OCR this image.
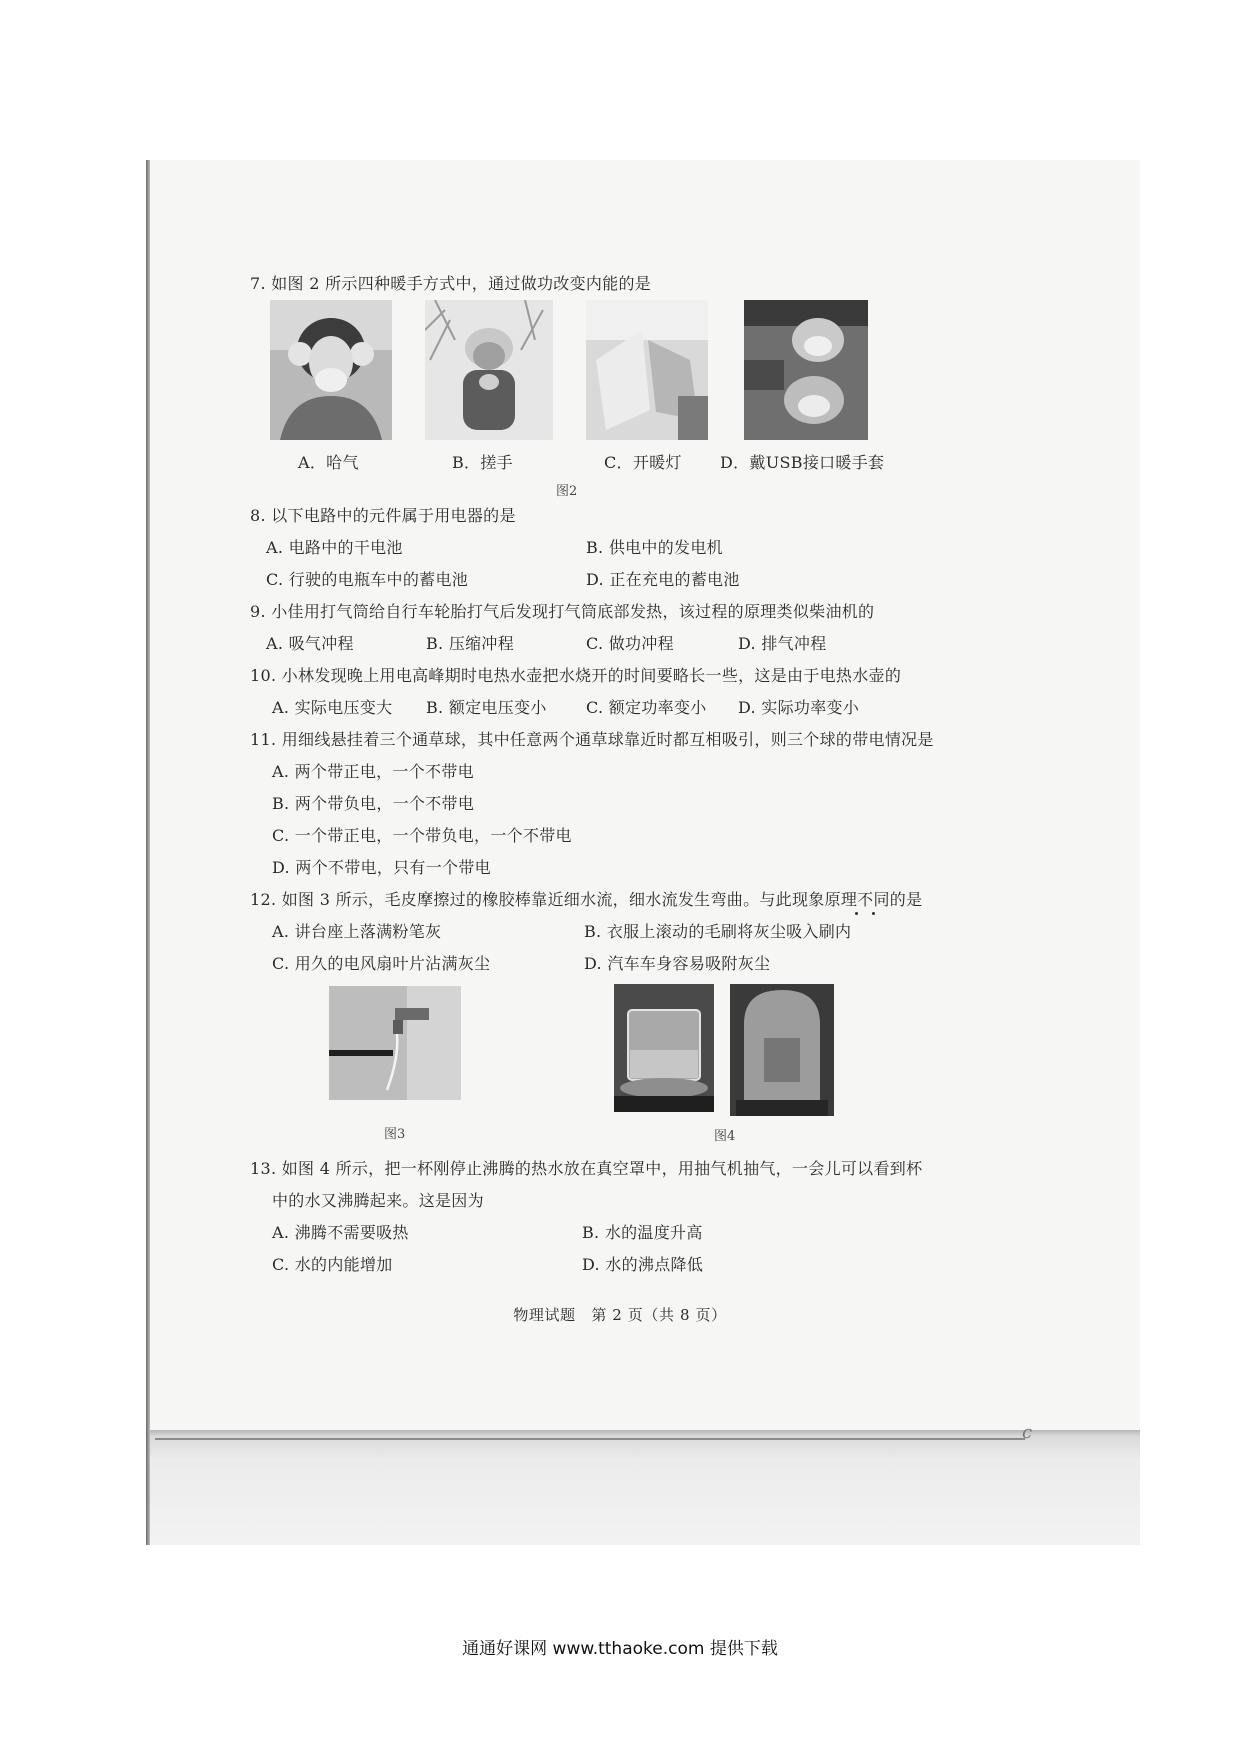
c
7. 如图 2 所示四种暖手方式中，通过做功改变内能的是
A．哈气	B．搓手	C．开暖灯 D．戴USB接口暖手套
图2
8. 以下电路中的元件属于用电器的是
A. 电路中的干电池	B. 供电中的发电机
C. 行驶的电瓶车中的蓄电池	D. 正在充电的蓄电池
9. 小佳用打气筒给自行车轮胎打气后发现打气筒底部发热，该过程的原理类似柴油机的
A. 吸气冲程	B. 压缩冲程	C. 做功冲程	D. 排气冲程
10. 小林发现晚上用电高峰期时电热水壶把水烧开的时间要略长一些，这是由于电热水壶的
A. 实际电压变大 B. 额定电压变小 C. 额定功率变小 D. 实际功率变小
11. 用细线悬挂着三个通草球，其中任意两个通草球靠近时都互相吸引，则三个球的带电情况是
A. 两个带正电，一个不带电
B. 两个带负电，一个不带电
C. 一个带正电，一个带负电，一个不带电
D. 两个不带电，只有一个带电
12. 如图 3 所示，毛皮摩擦过的橡胶棒靠近细水流，细水流发生弯曲。与此现象原理不同的是
A. 讲台座上落满粉笔灰	B. 衣服上滚动的毛刷将灰尘吸入刷内
C. 用久的电风扇叶片沾满灰尘	D. 汽车车身容易吸附灰尘
图3	图4
13. 如图 4 所示，把一杯刚停止沸腾的热水放在真空罩中，用抽气机抽气，一会儿可以看到杯
中的水又沸腾起来。这是因为
A. 沸腾不需要吸热	B. 水的温度升高
C. 水的内能增加	D. 水的沸点降低
物理试题　第 2 页（共 8 页）
通通好课网 www.tthaoke.com 提供下载
